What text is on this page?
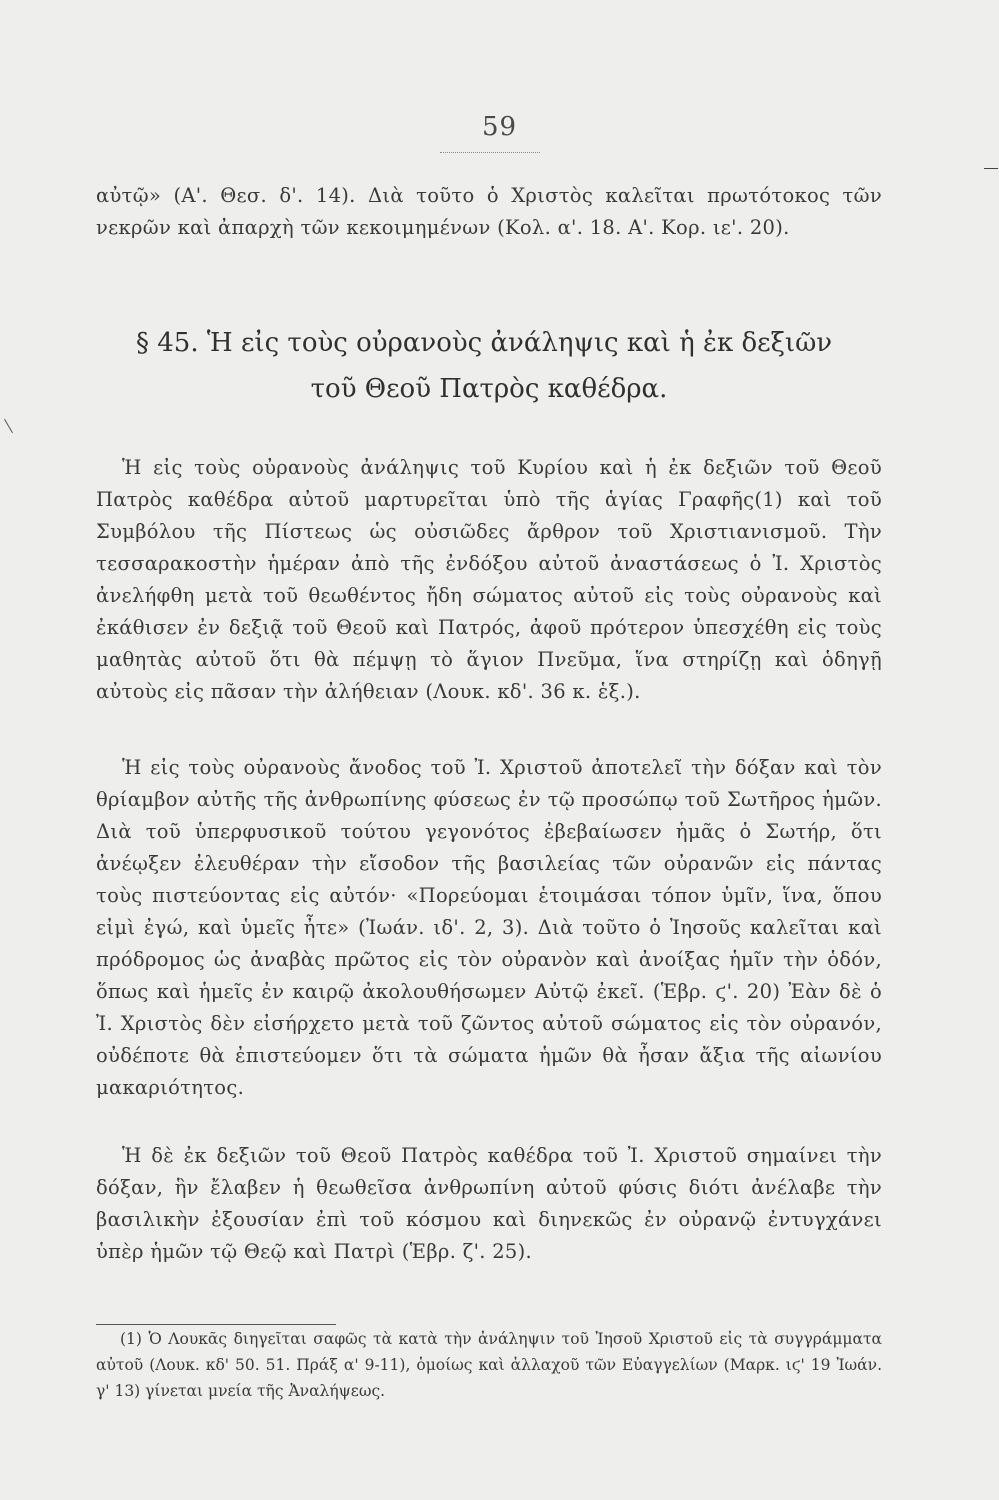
59

αὐτῷ» (Α'. Θεσ. δ'. 14). Διὰ τοῦτο ὁ Χριστὸς καλεῖται πρωτότοκος τῶν νεκρῶν καὶ ἀπαρχὴ τῶν κεκοιμημένων (Κολ. α'. 18. Α'. Κορ. ιε'. 20).

§ 45. Ἡ εἰς τοὺς οὐρανοὺς ἀνάληψις καὶ ἡ ἐκ δεξιῶν
τοῦ Θεοῦ Πατρὸς καθέδρα.

Ἡ εἰς τοὺς οὐρανοὺς ἀνάληψις τοῦ Κυρίου καὶ ἡ ἐκ δεξιῶν τοῦ Θεοῦ Πατρὸς καθέδρα αὐτοῦ μαρτυρεῖται ὑπὸ τῆς ἁγίας Γραφῆς(1) καὶ τοῦ Συμβόλου τῆς Πίστεως ὡς οὐσιῶδες ἄρθρον τοῦ Χριστιανισμοῦ. Τὴν τεσσαρακοστὴν ἡμέραν ἀπὸ τῆς ἐνδόξου αὐτοῦ ἀναστάσεως ὁ Ἰ. Χριστὸς ἀνελήφθη μετὰ τοῦ θεωθέντος ἤδη σώματος αὐτοῦ εἰς τοὺς οὐρανοὺς καὶ ἐκάθισεν ἐν δεξιᾷ τοῦ Θεοῦ καὶ Πατρός, ἀφοῦ πρότερον ὑπεσχέθη εἰς τοὺς μαθητὰς αὐτοῦ ὅτι θὰ πέμψῃ τὸ ἅγιον Πνεῦμα, ἵνα στηρίζῃ καὶ ὁδηγῇ αὐτοὺς εἰς πᾶσαν τὴν ἀλήθειαν (Λουκ. κδ'. 36 κ. ἑξ.).

Ἡ εἰς τοὺς οὐρανοὺς ἄνοδος τοῦ Ἰ. Χριστοῦ ἀποτελεῖ τὴν δόξαν καὶ τὸν θρίαμβον αὐτῆς τῆς ἀνθρωπίνης φύσεως ἐν τῷ προσώπῳ τοῦ Σωτῆρος ἡμῶν. Διὰ τοῦ ὑπερφυσικοῦ τούτου γεγονότος ἐβεβαίωσεν ἡμᾶς ὁ Σωτήρ, ὅτι ἀνέῳξεν ἐλευθέραν τὴν εἴσοδον τῆς βασιλείας τῶν οὐρανῶν εἰς πάντας τοὺς πιστεύοντας εἰς αὐτόν· «Πορεύομαι ἑτοιμάσαι τόπον ὑμῖν, ἵνα, ὅπου εἰμὶ ἐγώ, καὶ ὑμεῖς ἦτε» (Ἰωάν. ιδ'. 2, 3). Διὰ τοῦτο ὁ Ἰησοῦς καλεῖται καὶ πρόδρομος ὡς ἀναβὰς πρῶτος εἰς τὸν οὐρανὸν καὶ ἀνοίξας ἡμῖν τὴν ὁδόν, ὅπως καὶ ἡμεῖς ἐν καιρῷ ἀκολουθήσωμεν Αὐτῷ ἐκεῖ. (Ἑβρ. ϛ'. 20) Ἐὰν δὲ ὁ Ἰ. Χριστὸς δὲν εἰσήρχετο μετὰ τοῦ ζῶντος αὐτοῦ σώματος εἰς τὸν οὐρανόν, οὐδέποτε θὰ ἐπιστεύομεν ὅτι τὰ σώματα ἡμῶν θὰ ἦσαν ἄξια τῆς αἰωνίου μακαριότητος.

Ἡ δὲ ἐκ δεξιῶν τοῦ Θεοῦ Πατρὸς καθέδρα τοῦ Ἰ. Χριστοῦ σημαίνει τὴν δόξαν, ἣν ἔλαβεν ἡ θεωθεῖσα ἀνθρωπίνη αὐτοῦ φύσις διότι ἀνέλαβε τὴν βασιλικὴν ἐξουσίαν ἐπὶ τοῦ κόσμου καὶ διηνεκῶς ἐν οὐρανῷ ἐντυγχάνει ὑπὲρ ἡμῶν τῷ Θεῷ καὶ Πατρὶ (Ἑβρ. ζ'. 25).

(1) Ὁ Λουκᾶς διηγεῖται σαφῶς τὰ κατὰ τὴν ἀνάληψιν τοῦ Ἰησοῦ Χριστοῦ εἰς τὰ συγγράμματα αὐτοῦ (Λουκ. κδ' 50. 51. Πράξ α' 9-11), ὁμοίως καὶ ἀλλαχοῦ τῶν Εὐαγγελίων (Μαρκ. ιϛ' 19 Ἰωάν. γ' 13) γίνεται μνεία τῆς Ἀναλήψεως.
